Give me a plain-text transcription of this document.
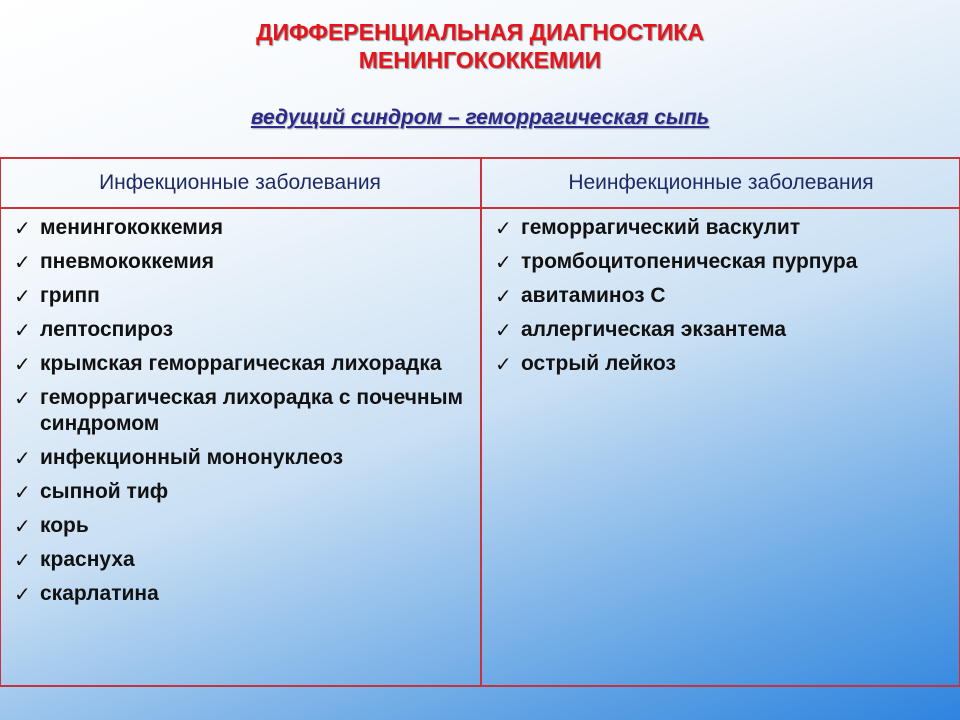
ДИФФЕРЕНЦИАЛЬНАЯ ДИАГНОСТИКА
МЕНИНГОКОККЕМИИ
ведущий синдром – геморрагическая сыпь
Инфекционные заболевания	Неинфекционные заболевания
✓ менингококкемия
✓ пневмококкемия
✓ грипп
✓ лептоспироз
✓ крымская геморрагическая лихорадка
✓ геморрагическая лихорадка с почечным синдромом
✓ инфекционный мононуклеоз
✓ сыпной тиф
✓ корь
✓ краснуха
✓ скарлатина
✓ геморрагический васкулит
✓ тромбоцитопеническая пурпура
✓ авитаминоз С
✓ аллергическая экзантема
✓ острый лейкоз
